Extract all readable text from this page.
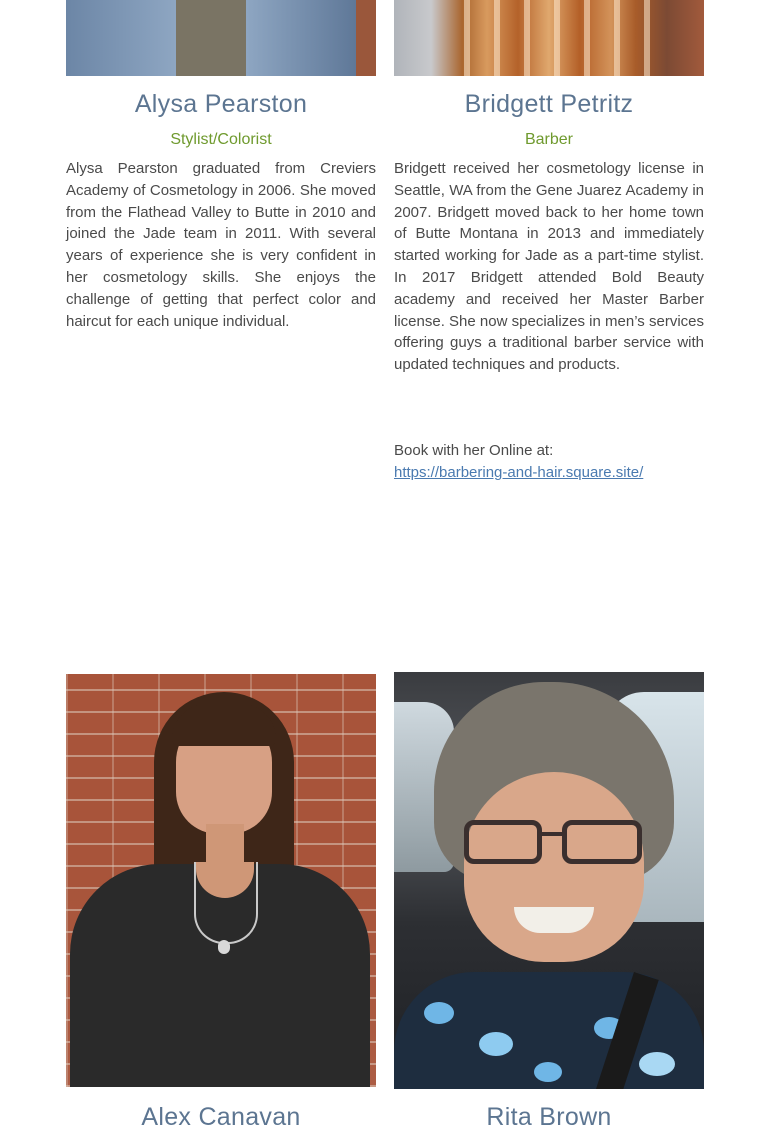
Alysa Pearston
Stylist/Colorist

Alysa Pearston graduated from Creviers Academy of Cosmetology in 2006. She moved from the Flathead Valley to Butte in 2010 and joined the Jade team in 2011. With several years of experience she is very confident in her cosmetology skills. She enjoys the challenge of getting that perfect color and haircut for each unique individual.

Bridgett Petritz
Barber

Bridgett received her cosmetology license in Seattle, WA from the Gene Juarez Academy in 2007. Bridgett moved back to her home town of Butte Montana in 2013 and immediately started working for Jade as a part-time stylist. In 2017 Bridgett attended Bold Beauty academy and received her Master Barber license. She now specializes in men’s services offering guys a traditional barber service with updated techniques and products.

Book with her Online at:
https://barbering-and-hair.square.site/
Alex Canavan	Rita Brown
